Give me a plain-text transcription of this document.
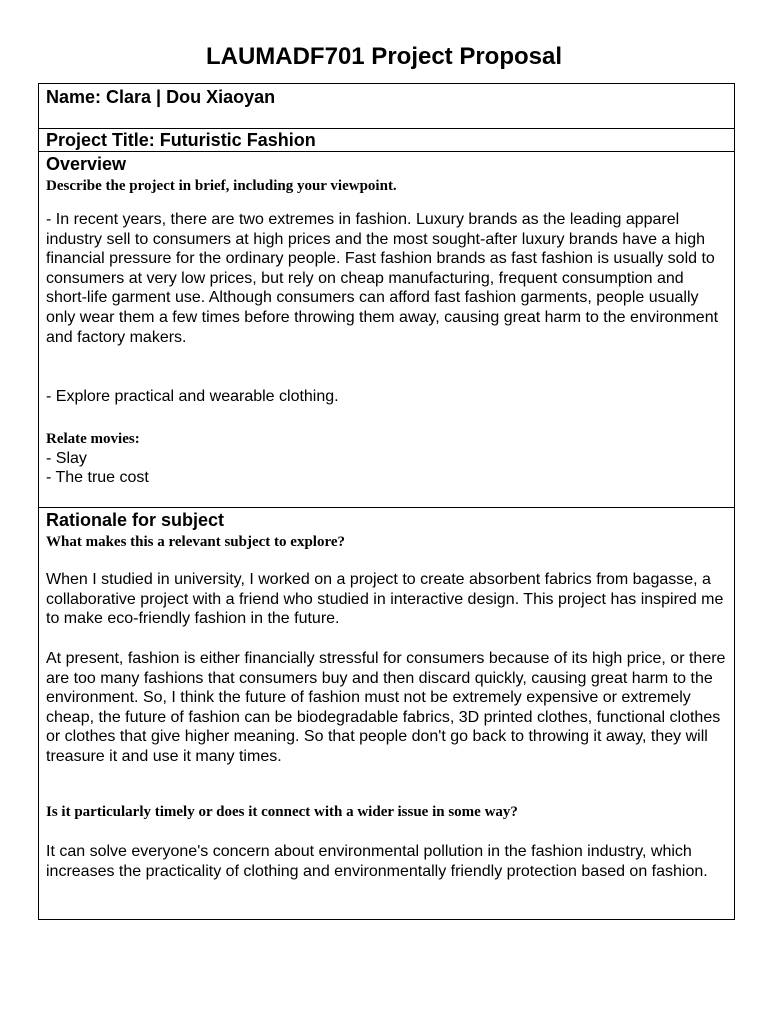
LAUMADF701 Project Proposal
Name: Clara | Dou Xiaoyan
Project Title: Futuristic Fashion
Overview
Describe the project in brief, including your viewpoint.

- In recent years, there are two extremes in fashion. Luxury brands as the leading apparel industry sell to consumers at high prices and the most sought-after luxury brands have a high financial pressure for the ordinary people. Fast fashion brands as fast fashion is usually sold to consumers at very low prices, but rely on cheap manufacturing, frequent consumption and short-life garment use. Although consumers can afford fast fashion garments, people usually only wear them a few times before throwing them away, causing great harm to the environment and factory makers.

- Explore practical and wearable clothing.

Relate movies:
- Slay
- The true cost
Rationale for subject
What makes this a relevant subject to explore?

When I studied in university, I worked on a project to create absorbent fabrics from bagasse, a collaborative project with a friend who studied in interactive design. This project has inspired me to make eco-friendly fashion in the future.

At present, fashion is either financially stressful for consumers because of its high price, or there are too many fashions that consumers buy and then discard quickly, causing great harm to the environment. So, I think the future of fashion must not be extremely expensive or extremely cheap, the future of fashion can be biodegradable fabrics, 3D printed clothes, functional clothes or clothes that give higher meaning. So that people don't go back to throwing it away, they will treasure it and use it many times.

Is it particularly timely or does it connect with a wider issue in some way?

It can solve everyone's concern about environmental pollution in the fashion industry, which increases the practicality of clothing and environmentally friendly protection based on fashion.
